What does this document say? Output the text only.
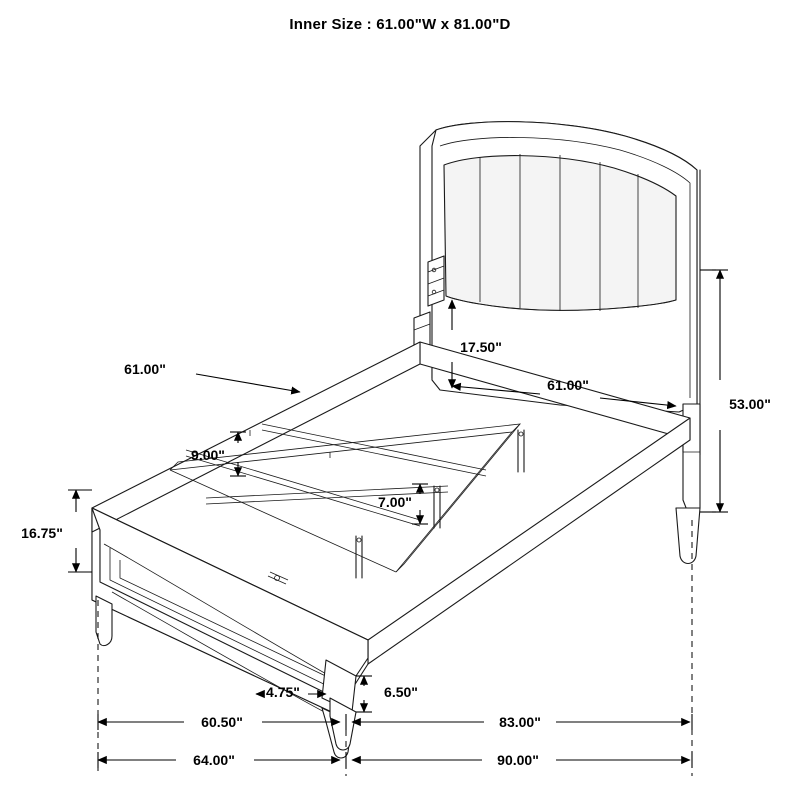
Inner Size : 61.00"W x 81.00"D
61.00"
9.00"
7.00"
17.50"
61.00"
53.00"
16.75"
4.75"	6.50"
60.50"	83.00"
64.00"	90.00"
